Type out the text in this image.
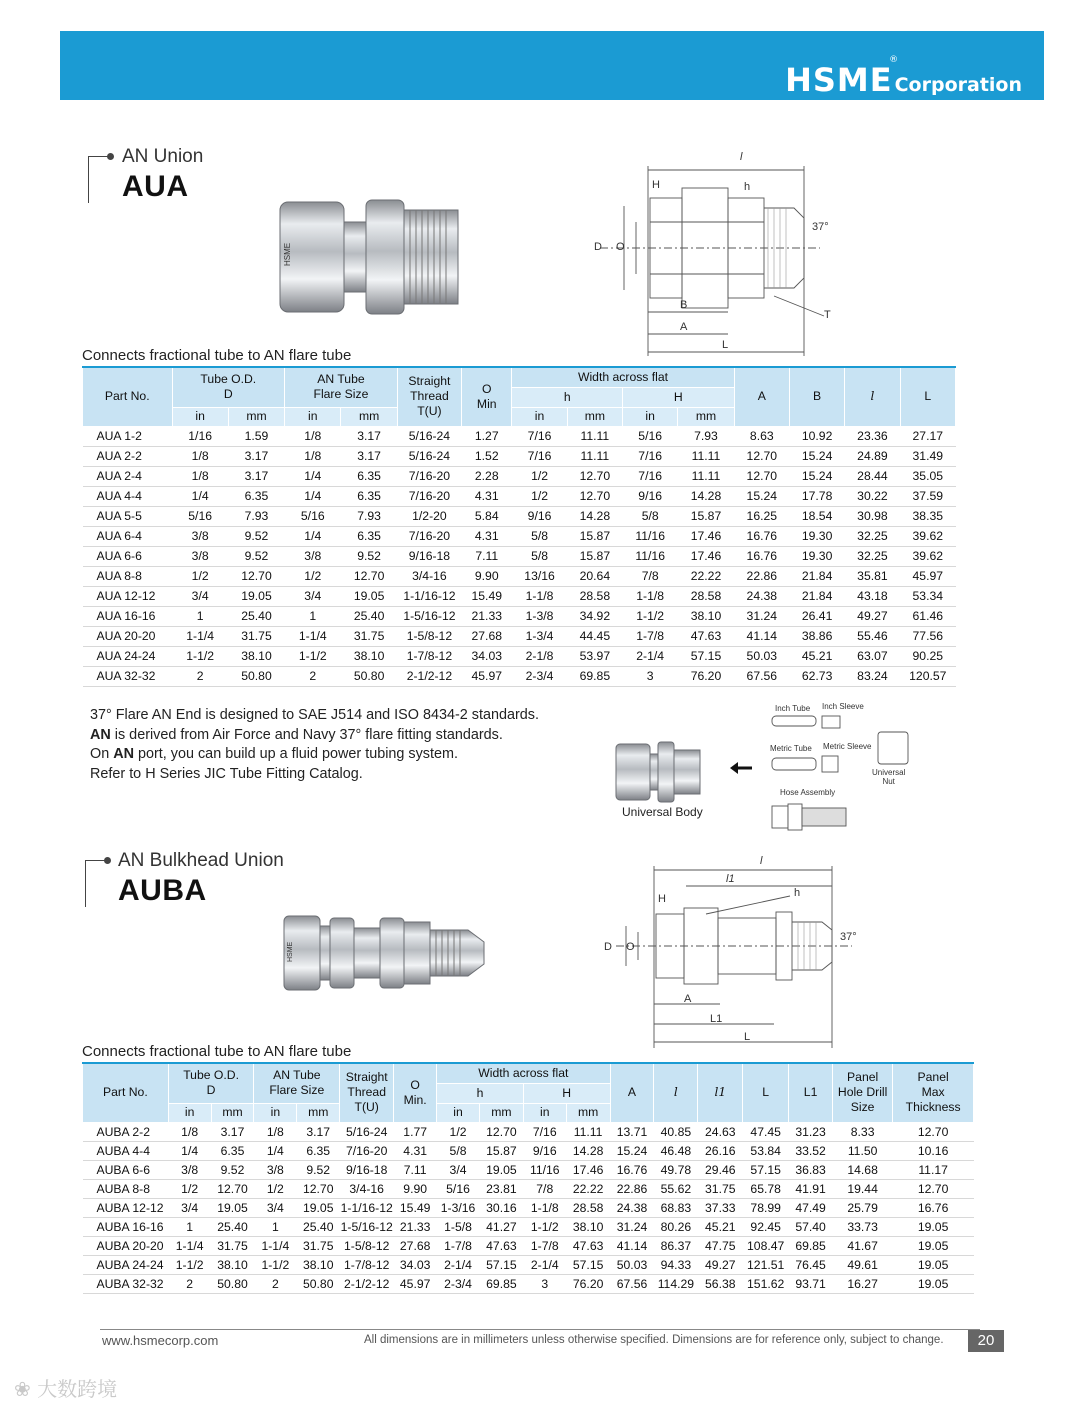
HSME Corporation
®
AN Union
AUA
HSME
l
H	h
D O
B
A
L
T
37°
Connects fractional tube to AN flare tube
Part No.	Tube O.D.
D		AN Tube
Flare Size		Straight
Thread
T(U)	O
Min	Width across flat				A	B	l	L
							h		H					
	in	mm	in	mm			in	mm	in	mm				
AUA 1-2	1/16	1.59	1/8	3.17	5/16-24	1.27	7/16	11.11	5/16	7.93	8.63	10.92	23.36	27.17
AUA 2-2	1/8	3.17	1/8	3.17	5/16-24	1.52	7/16	11.11	7/16	11.11	12.70	15.24	24.89	31.49
AUA 2-4	1/8	3.17	1/4	6.35	7/16-20	2.28	1/2	12.70	7/16	11.11	12.70	15.24	28.44	35.05
AUA 4-4	1/4	6.35	1/4	6.35	7/16-20	4.31	1/2	12.70	9/16	14.28	15.24	17.78	30.22	37.59
AUA 5-5	5/16	7.93	5/16	7.93	1/2-20	5.84	9/16	14.28	5/8	15.87	16.25	18.54	30.98	38.35
AUA 6-4	3/8	9.52	1/4	6.35	7/16-20	4.31	5/8	15.87	11/16	17.46	16.76	19.30	32.25	39.62
AUA 6-6	3/8	9.52	3/8	9.52	9/16-18	7.11	5/8	15.87	11/16	17.46	16.76	19.30	32.25	39.62
AUA 8-8	1/2	12.70	1/2	12.70	3/4-16	9.90	13/16	20.64	7/8	22.22	22.86	21.84	35.81	45.97
AUA 12-12	3/4	19.05	3/4	19.05	1-1/16-12	15.49	1-1/8	28.58	1-1/8	28.58	24.38	21.84	43.18	53.34
AUA 16-16	1	25.40	1	25.40	1-5/16-12	21.33	1-3/8	34.92	1-1/2	38.10	31.24	26.41	49.27	61.46
AUA 20-20	1-1/4	31.75	1-1/4	31.75	1-5/8-12	27.68	1-3/4	44.45	1-7/8	47.63	41.14	38.86	55.46	77.56
AUA 24-24	1-1/2	38.10	1-1/2	38.10	1-7/8-12	34.03	2-1/8	53.97	2-1/4	57.15	50.03	45.21	63.07	90.25
AUA 32-32	2	50.80	2	50.80	2-1/2-12	45.97	2-3/4	69.85	3	76.20	67.56	62.73	83.24	120.57
37° Flare AN End is designed to SAE J514 and ISO 8434-2 standards.
AN is derived from Air Force and Navy 37° flare fitting standards.
On AN port, you can build up a fluid power tubing system.
Refer to H Series JIC Tube Fitting Catalog.
Universal Body
Inch Tube Inch Sleeve
Metric Tube Metric Sleeve
Universal
Nut
Hose Assembly
AN Bulkhead Union
AUBA
HSME
l
l1
H	h
D O
A
L1
L
37°
Connects fractional tube to AN flare tube
Part No.	Tube O.D.
D		AN Tube
Flare Size		Straight
Thread
T(U)	O
Min.	Width across flat				A	l	l1	L	L1	Panel
Hole Drill
Size	Panel
Max
Thickness
							h		H								
	in	mm	in	mm			in	mm	in	mm							
AUBA 2-2	1/8	3.17	1/8	3.17	5/16-24	1.77	1/2	12.70	7/16	11.11	13.71	40.85	24.63	47.45	31.23	8.33	12.70
AUBA 4-4	1/4	6.35	1/4	6.35	7/16-20	4.31	5/8	15.87	9/16	14.28	15.24	46.48	26.16	53.84	33.52	11.50	10.16
AUBA 6-6	3/8	9.52	3/8	9.52	9/16-18	7.11	3/4	19.05	11/16	17.46	16.76	49.78	29.46	57.15	36.83	14.68	11.17
AUBA 8-8	1/2	12.70	1/2	12.70	3/4-16	9.90	5/16	23.81	7/8	22.22	22.86	55.62	31.75	65.78	41.91	19.44	12.70
AUBA 12-12	3/4	19.05	3/4	19.05	1-1/16-12	15.49	1-3/16	30.16	1-1/8	28.58	24.38	68.83	37.33	78.99	47.49	25.79	16.76
AUBA 16-16	1	25.40	1	25.40	1-5/16-12	21.33	1-5/8	41.27	1-1/2	38.10	31.24	80.26	45.21	92.45	57.40	33.73	19.05
AUBA 20-20	1-1/4	31.75	1-1/4	31.75	1-5/8-12	27.68	1-7/8	47.63	1-7/8	47.63	41.14	86.37	47.75	108.47	69.85	41.67	19.05
AUBA 24-24	1-1/2	38.10	1-1/2	38.10	1-7/8-12	34.03	2-1/4	57.15	2-1/4	57.15	50.03	94.33	49.27	121.51	76.45	49.61	19.05
AUBA 32-32	2	50.80	2	50.80	2-1/2-12	45.97	2-3/4	69.85	3	76.20	67.56	114.29	56.38	151.62	93.71	16.27	19.05
www.hsmecorp.com	All dimensions are in millimeters unless otherwise specified. Dimensions are for reference only, subject to change.	20
❀ 大数跨境
